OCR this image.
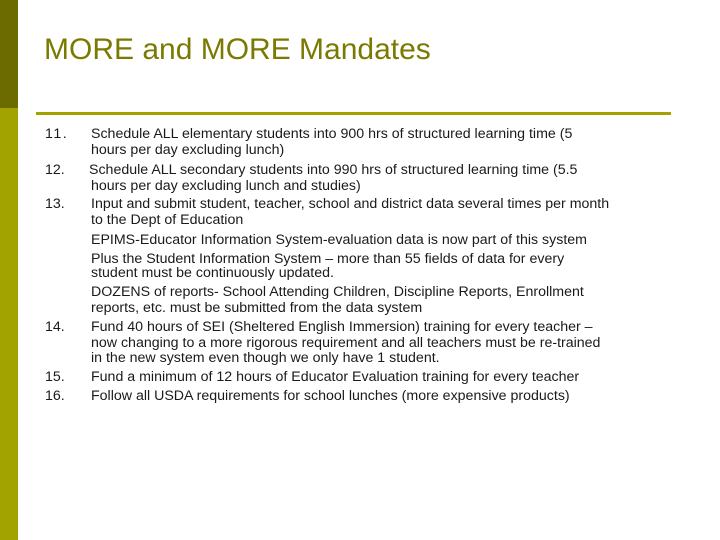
MORE and MORE Mandates
11. Schedule ALL elementary students into 900 hrs of structured learning time (5
hours per day excluding lunch)
12. Schedule ALL secondary students into 990 hrs of structured learning time (5.5
hours per day excluding lunch and studies)
13. Input and submit student, teacher, school and district data several times per month
to the Dept of Education
EPIMS-Educator Information System-evaluation data is now part of this system
Plus the Student Information System – more than 55 fields of data for every
student must be continuously updated.
DOZENS of reports- School Attending Children, Discipline Reports, Enrollment
reports, etc. must be submitted from the data system
14. Fund 40 hours of SEI (Sheltered English Immersion) training for every teacher –
now changing to a more rigorous requirement and all teachers must be re-trained
in the new system even though we only have 1 student.
15. Fund a minimum of 12 hours of Educator Evaluation training for every teacher
16. Follow all USDA requirements for school lunches (more expensive products)
